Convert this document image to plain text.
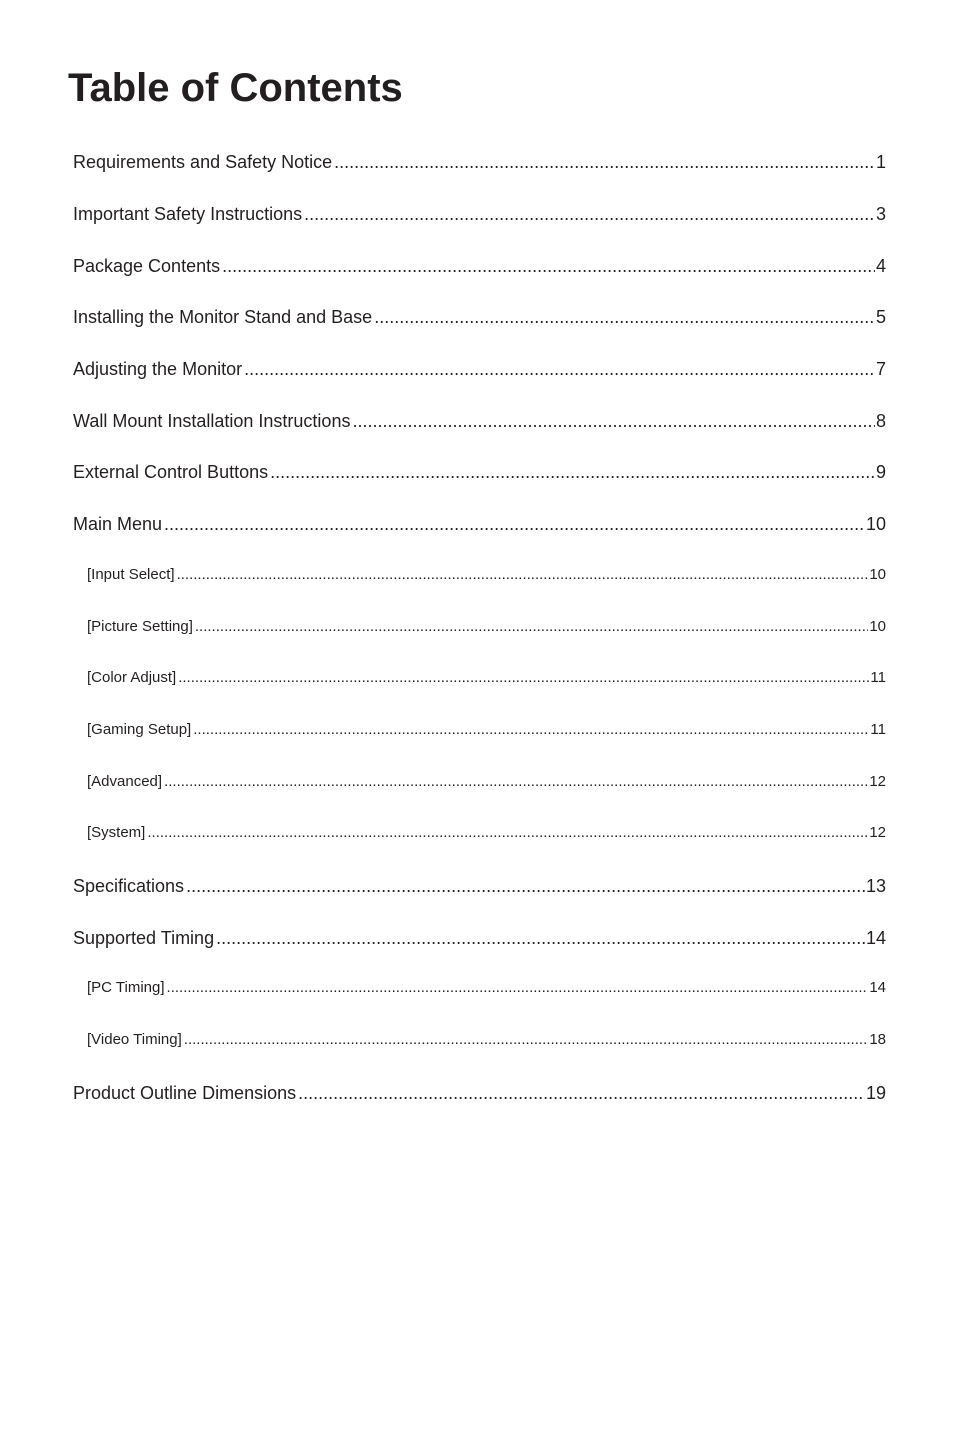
Table of Contents
Requirements and Safety Notice .....	1
Important Safety Instructions .....	3
Package Contents .....	4
Installing the Monitor Stand and Base .....	5
Adjusting the Monitor .....	7
Wall Mount Installation Instructions .....	8
External Control Buttons .....	9
Main Menu .....	10
[Input Select] .....	10
[Picture Setting] .....	10
[Color Adjust] .....	11
[Gaming Setup] .....	11
[Advanced] .....	12
[System] .....	12
Specifications .....	13
Supported Timing .....	14
[PC Timing] .....	14
[Video Timing] .....	18
Product Outline Dimensions .....	19
